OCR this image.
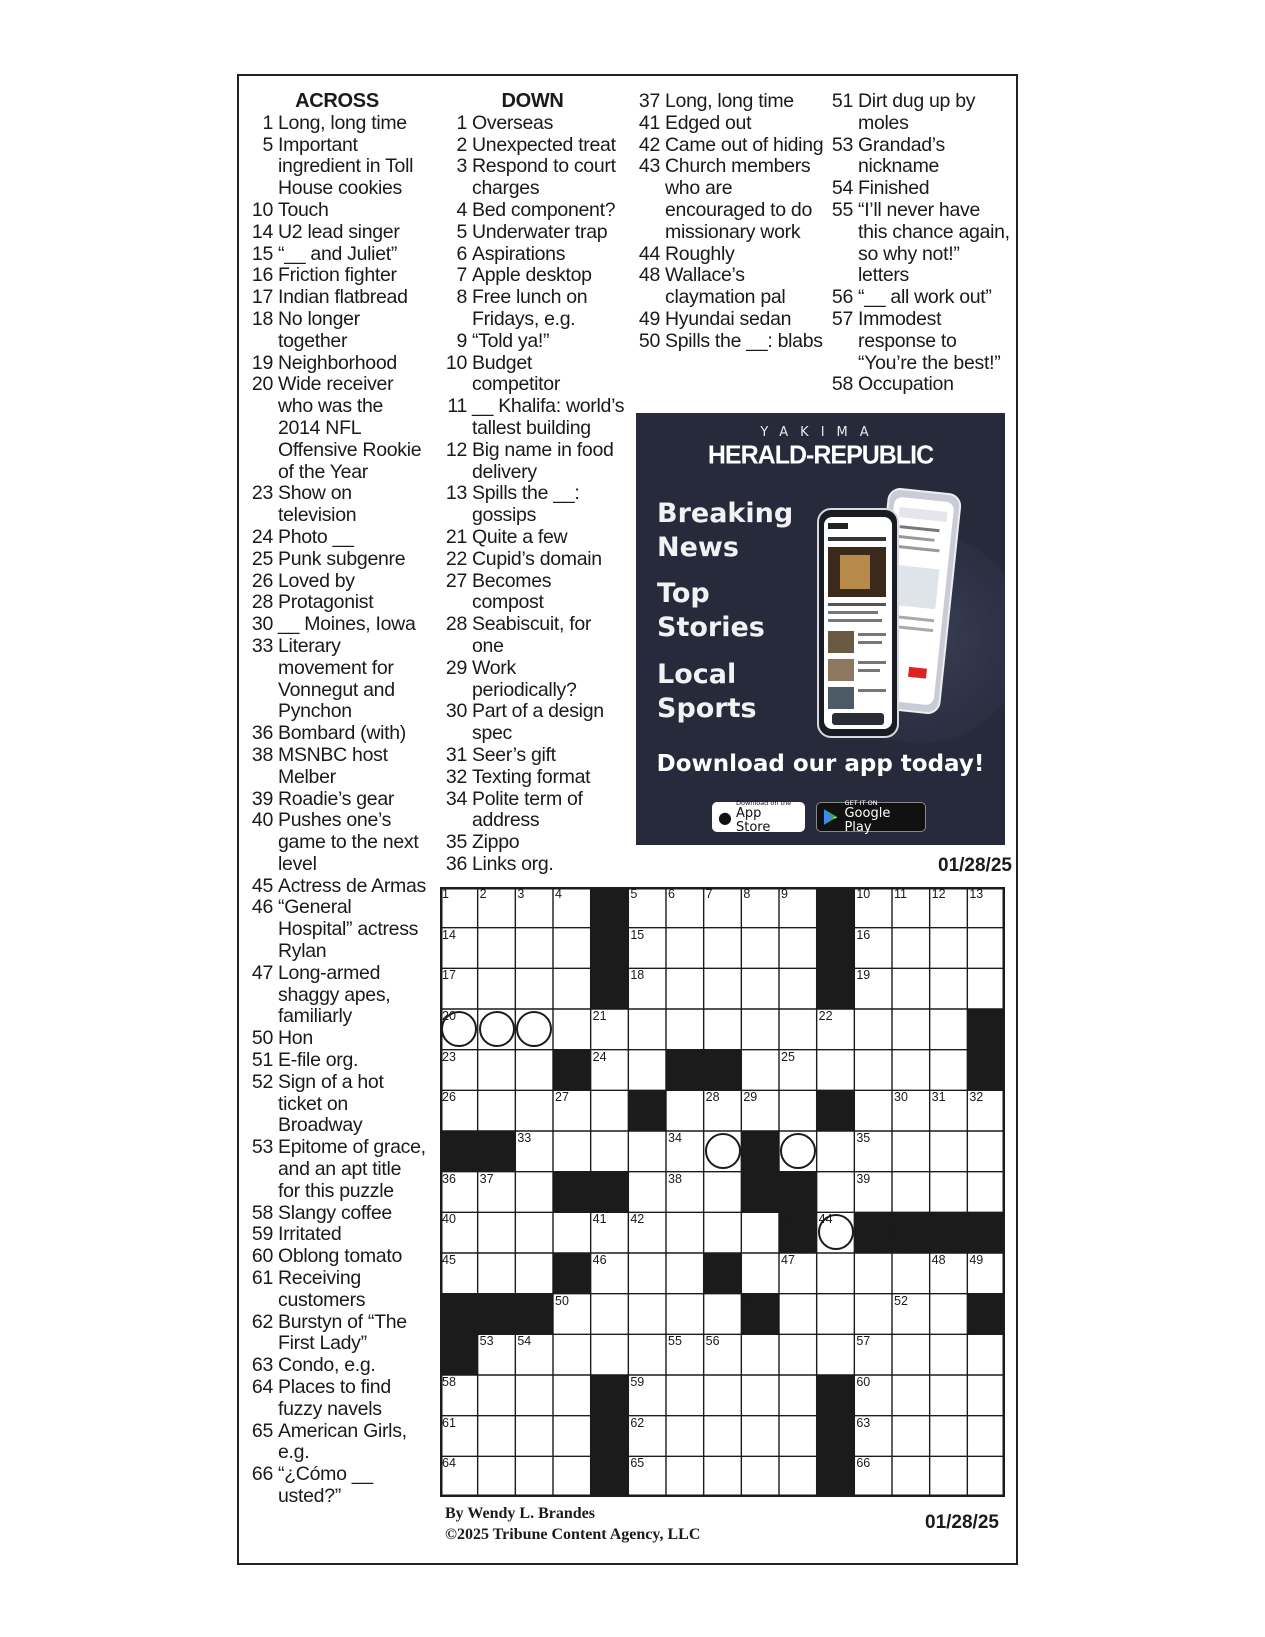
ACROSS
1 Long, long time
5 Important ingredient in Toll House cookies
10 Touch
14 U2 lead singer
15 “__ and Juliet”
16 Friction fighter
17 Indian flatbread
18 No longer together
19 Neighborhood
20 Wide receiver who was the 2014 NFL Offensive Rookie of the Year
23 Show on television
24 Photo __
25 Punk subgenre
26 Loved by
28 Protagonist
30 __ Moines, Iowa
33 Literary movement for Vonnegut and Pynchon
36 Bombard (with)
38 MSNBC host Melber
39 Roadie’s gear
40 Pushes one’s game to the next level
45 Actress de Armas
46 “General Hospital” actress Rylan
47 Long-armed shaggy apes, familiarly
50 Hon
51 E-file org.
52 Sign of a hot ticket on Broadway
53 Epitome of grace, and an apt title for this puzzle
58 Slangy coffee
59 Irritated
60 Oblong tomato
61 Receiving customers
62 Burstyn of “The First Lady”
63 Condo, e.g.
64 Places to find fuzzy navels
65 American Girls, e.g.
66 “¿Cómo __ usted?”
DOWN
1 Overseas
2 Unexpected treat
3 Respond to court charges
4 Bed component?
5 Underwater trap
6 Aspirations
7 Apple desktop
8 Free lunch on Fridays, e.g.
9 “Told ya!”
10 Budget competitor
11 __ Khalifa: world’s tallest building
12 Big name in food delivery
13 Spills the __: gossips
21 Quite a few
22 Cupid’s domain
27 Becomes compost
28 Seabiscuit, for one
29 Work periodically?
30 Part of a design spec
31 Seer’s gift
32 Texting format
34 Polite term of address
35 Zippo
36 Links org.
37 Long, long time
41 Edged out
42 Came out of hiding
43 Church members who are encouraged to do missionary work
44 Roughly
48 Wallace’s claymation pal
49 Hyundai sedan
50 Spills the __: blabs
51 Dirt dug up by moles
53 Grandad’s nickname
54 Finished
55 “I’ll never have this chance again, so why not!” letters
56 “__ all work out”
57 Immodest response to “You’re the best!”
58 Occupation
YAKIMA
HERALD-REPUBLIC
Breaking
News
Top
Stories
Local
Sports
Download our app today!
●
Download on the
App Store
GET IT ON
Google Play
01/28/25
1 2 3 4	5 6 7 8 9	10 11 12 13
14	15	16
17	18	19
20	21	22
23	24	25
26	27	28 29	30 31 32
33	34	35
36 37	38	39
40	41 42	43 44
45	46	47	48 49
50	51	52
53 54	55 56	57
58	59	60
61	62	63
64	65	66
By Wendy L. Brandes
©2025 Tribune Content Agency, LLC
01/28/25
